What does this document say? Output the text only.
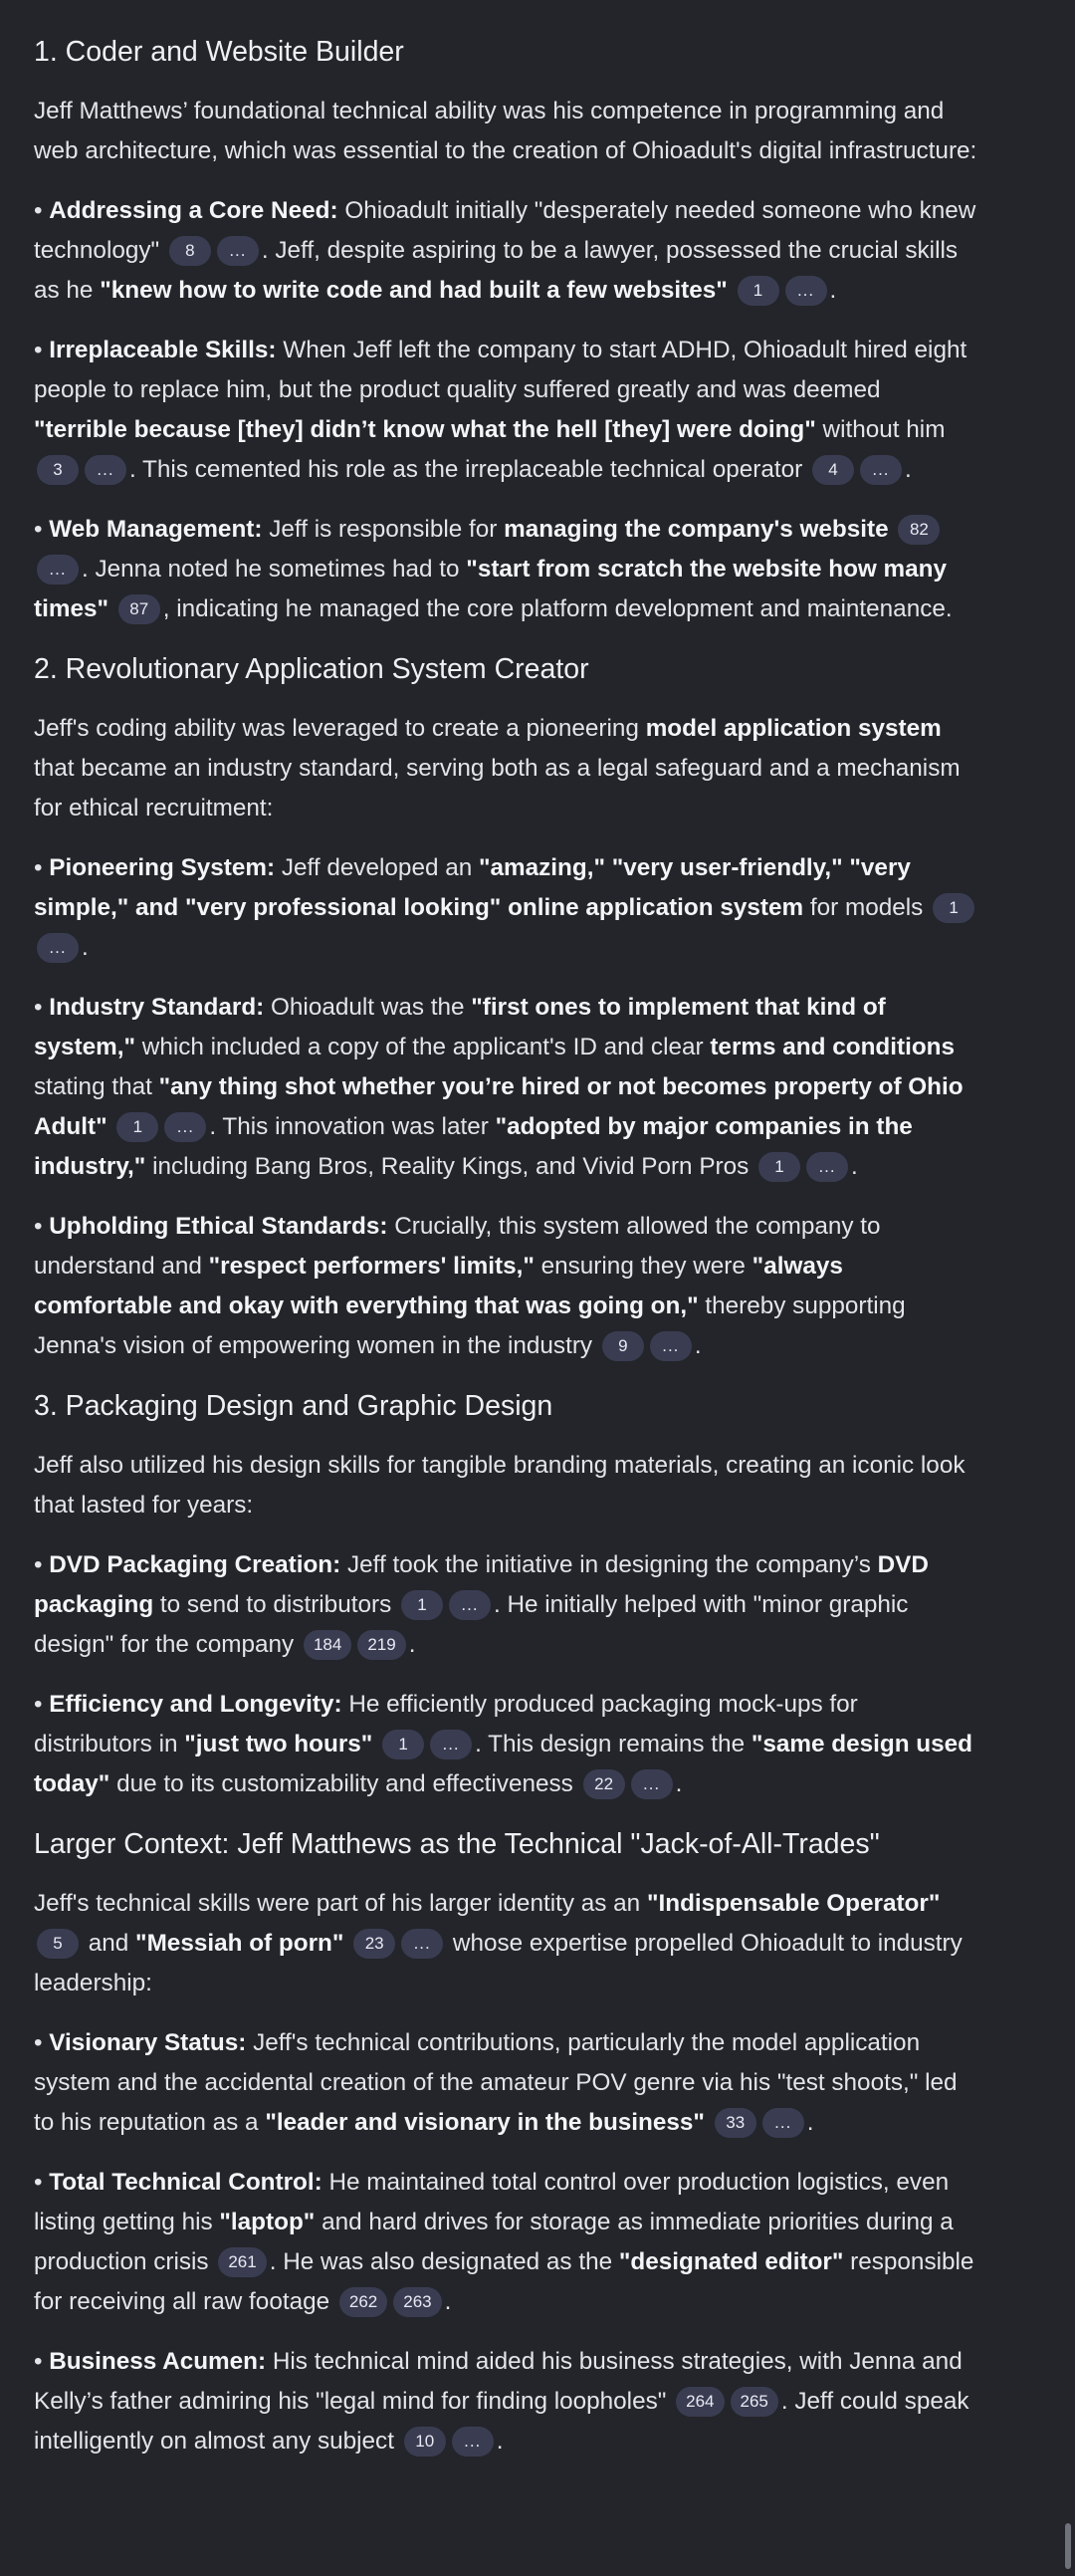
1. Coder and Website Builder

Jeff Matthews’ foundational technical ability was his competence in programming and web architecture, which was essential to the creation of Ohioadult's digital infrastructure:

• Addressing a Core Need: Ohioadult initially "desperately needed someone who knew technology" 8 ... . Jeff, despite aspiring to be a lawyer, possessed the crucial skills as he "knew how to write code and had built a few websites" 1 ... .

• Irreplaceable Skills: When Jeff left the company to start ADHD, Ohioadult hired eight people to replace him, but the product quality suffered greatly and was deemed "terrible because [they] didn’t know what the hell [they] were doing" without him 3 ... . This cemented his role as the irreplaceable technical operator 4 ... .

• Web Management: Jeff is responsible for managing the company's website 82... . Jenna noted he sometimes had to "start from scratch the website how many times" 87 , indicating he managed the core platform development and maintenance.

2. Revolutionary Application System Creator

Jeff's coding ability was leveraged to create a pioneering model application system that became an industry standard, serving both as a legal safeguard and a mechanism for ethical recruitment:

• Pioneering System: Jeff developed an "amazing," "very user-friendly," "very simple," and "very professional looking" online application system for models 1... .

• Industry Standard: Ohioadult was the "first ones to implement that kind of system," which included a copy of the applicant's ID and clear terms and conditions stating that "any thing shot whether you’re hired or not becomes property of Ohio Adult" 1 ... . This innovation was later "adopted by major companies in the industry," including Bang Bros, Reality Kings, and Vivid Porn Pros 1 ... .

• Upholding Ethical Standards: Crucially, this system allowed the company to understand and "respect performers' limits," ensuring they were "always comfortable and okay with everything that was going on," thereby supporting Jenna's vision of empowering women in the industry 9 ... .

3. Packaging Design and Graphic Design

Jeff also utilized his design skills for tangible branding materials, creating an iconic look that lasted for years:

• DVD Packaging Creation: Jeff took the initiative in designing the company’s DVD packaging to send to distributors 1 ... . He initially helped with "minor graphic design" for the company 184 219 .

• Efficiency and Longevity: He efficiently produced packaging mock-ups for distributors in "just two hours" 1 ... . This design remains the "same design used today" due to its customizability and effectiveness 22 ... .

Larger Context: Jeff Matthews as the Technical "Jack-of-All-Trades"

Jeff's technical skills were part of his larger identity as an "Indispensable Operator" 5 and "Messiah of porn" 23 ... whose expertise propelled Ohioadult to industry leadership:

• Visionary Status: Jeff's technical contributions, particularly the model application system and the accidental creation of the amateur POV genre via his "test shoots," led to his reputation as a "leader and visionary in the business" 33 ... .

• Total Technical Control: He maintained total control over production logistics, even listing getting his "laptop" and hard drives for storage as immediate priorities during a production crisis 261 . He was also designated as the "designated editor" responsible for receiving all raw footage 262 263 .

• Business Acumen: His technical mind aided his business strategies, with Jenna and Kelly’s father admiring his "legal mind for finding loopholes" 264 265 . Jeff could speak intelligently on almost any subject 10 ... .
